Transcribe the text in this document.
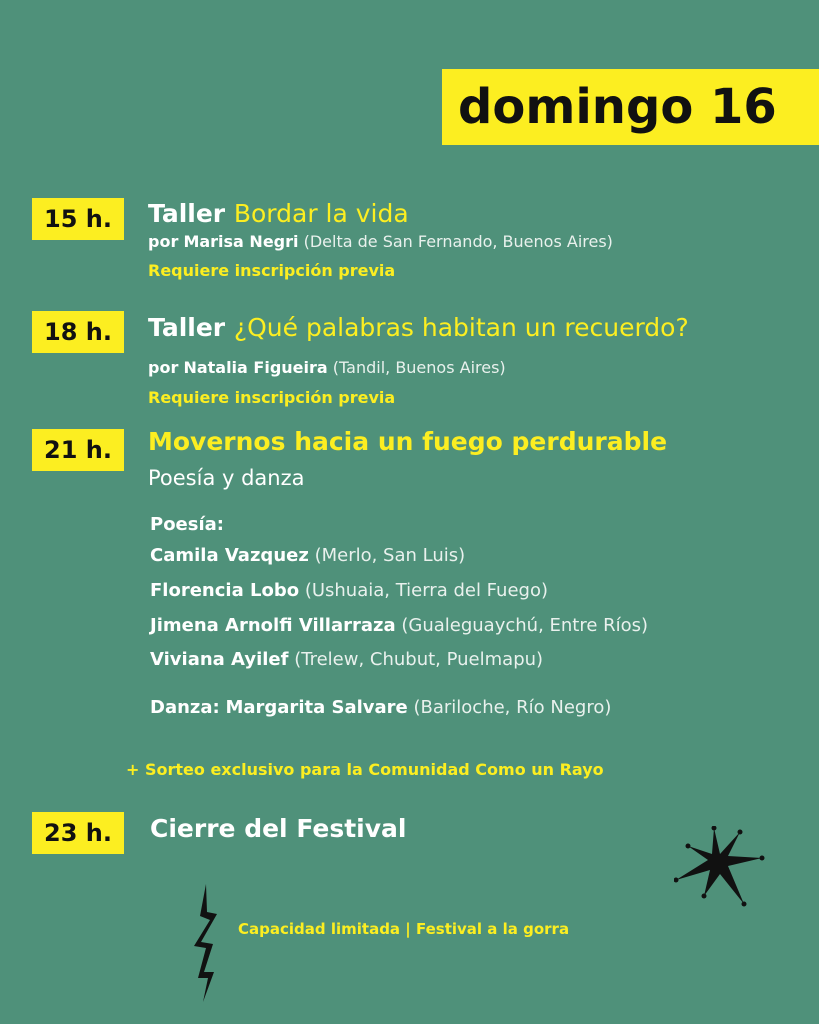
domingo 16
15 h.	Taller Bordar la vida
por Marisa Negri (Delta de San Fernando, Buenos Aires)
Requiere inscripción previa
18 h.	Taller ¿Qué palabras habitan un recuerdo?
por Natalia Figueira (Tandil, Buenos Aires)
Requiere inscripción previa
21 h.	Movernos hacia un fuego perdurable
Poesía y danza
Poesía:
Camila Vazquez (Merlo, San Luis)
Florencia Lobo (Ushuaia, Tierra del Fuego)
Jimena Arnolfi Villarraza (Gualeguaychú, Entre Ríos)
Viviana Ayilef (Trelew, Chubut, Puelmapu)
Danza: Margarita Salvare (Bariloche, Río Negro)
+ Sorteo exclusivo para la Comunidad Como un Rayo
23 h.	Cierre del Festival
Capacidad limitada | Festival a la gorra
